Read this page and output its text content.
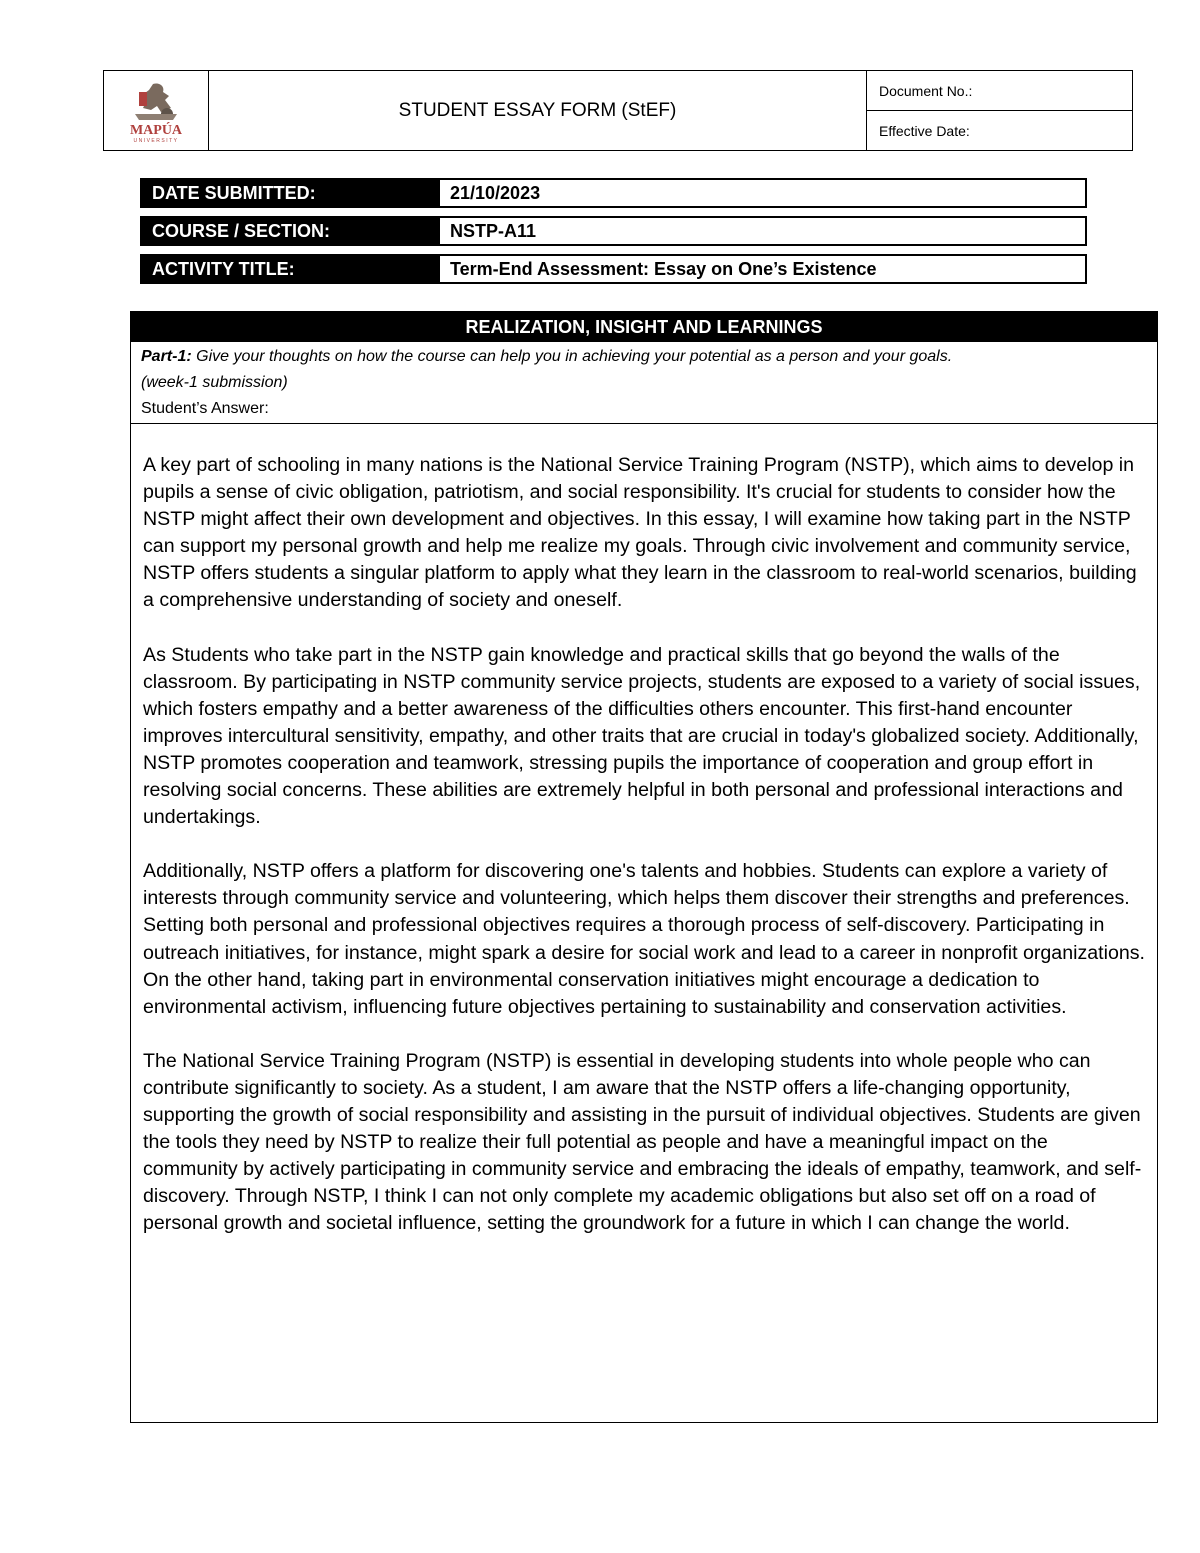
MAPÚA
UNIVERSITY
STUDENT ESSAY FORM (StEF)
Document No.:
Effective Date:
DATE SUBMITTED:	21/10/2023
COURSE / SECTION:	NSTP-A11
ACTIVITY TITLE:	Term-End Assessment: Essay on One’s Existence
REALIZATION, INSIGHT AND LEARNINGS
Part-1: Give your thoughts on how the course can help you in achieving your potential as a person and your goals.
(week-1 submission)
Student’s Answer:

A key part of schooling in many nations is the National Service Training Program (NSTP), which aims to develop in pupils a sense of civic obligation, patriotism, and social responsibility. It's crucial for students to consider how the NSTP might affect their own development and objectives. In this essay, I will examine how taking part in the NSTP can support my personal growth and help me realize my goals. Through civic involvement and community service, NSTP offers students a singular platform to apply what they learn in the classroom to real-world scenarios, building a comprehensive understanding of society and oneself.

As Students who take part in the NSTP gain knowledge and practical skills that go beyond the walls of the classroom. By participating in NSTP community service projects, students are exposed to a variety of social issues, which fosters empathy and a better awareness of the difficulties others encounter. This first-hand encounter improves intercultural sensitivity, empathy, and other traits that are crucial in today's globalized society. Additionally, NSTP promotes cooperation and teamwork, stressing pupils the importance of cooperation and group effort in resolving social concerns. These abilities are extremely helpful in both personal and professional interactions and undertakings.

Additionally, NSTP offers a platform for discovering one's talents and hobbies. Students can explore a variety of interests through community service and volunteering, which helps them discover their strengths and preferences. Setting both personal and professional objectives requires a thorough process of self-discovery. Participating in outreach initiatives, for instance, might spark a desire for social work and lead to a career in nonprofit organizations. On the other hand, taking part in environmental conservation initiatives might encourage a dedication to environmental activism, influencing future objectives pertaining to sustainability and conservation activities.

The National Service Training Program (NSTP) is essential in developing students into whole people who can contribute significantly to society. As a student, I am aware that the NSTP offers a life-changing opportunity, supporting the growth of social responsibility and assisting in the pursuit of individual objectives. Students are given the tools they need by NSTP to realize their full potential as people and have a meaningful impact on the community by actively participating in community service and embracing the ideals of empathy, teamwork, and self-discovery. Through NSTP, I think I can not only complete my academic obligations but also set off on a road of personal growth and societal influence, setting the groundwork for a future in which I can change the world.
